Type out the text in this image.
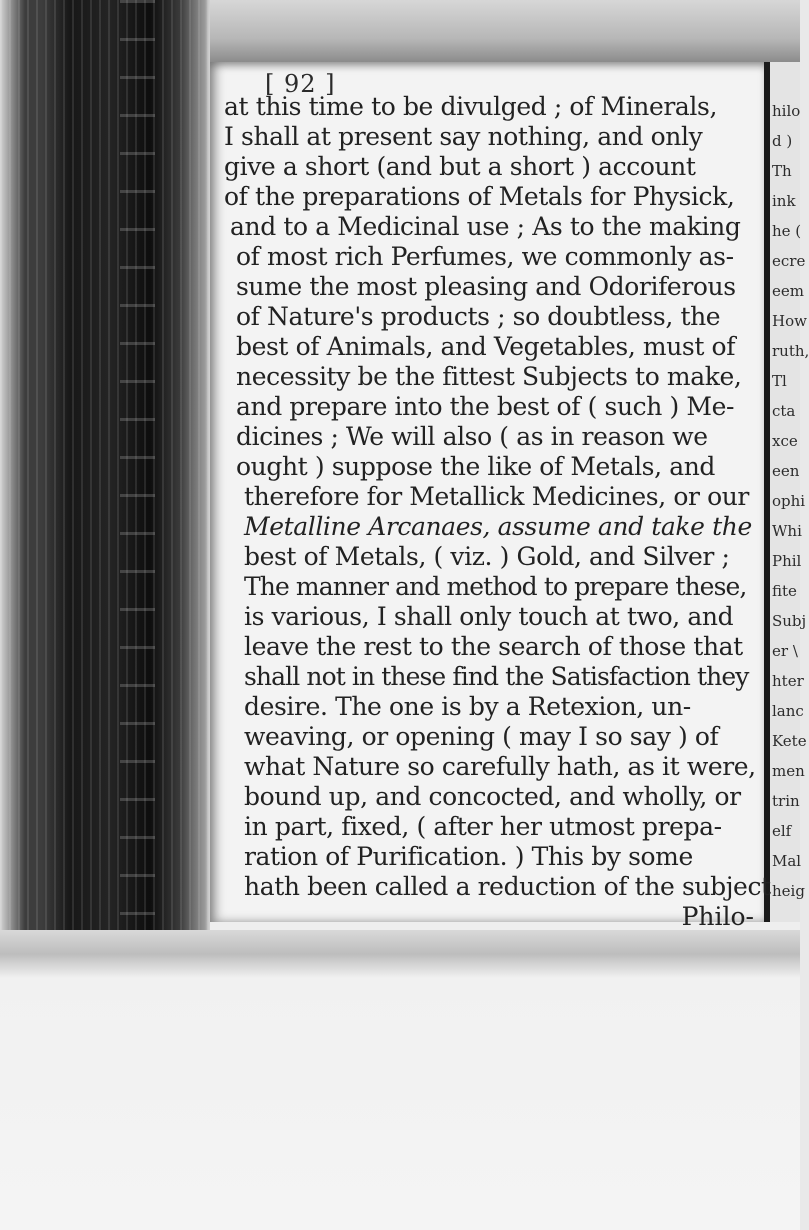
hilo
d )
Th
ink
he (
ecre
eem
How
ruth,
Tl
cta
xce
een
ophi
Whi
Phil
fite
Subj
er \
hter
lanc
Kete
men
trin
elf
Mal
heig
[ 92 ]
at this time to be divulged ; of Minerals,
I shall at present say nothing, and only
give a short (and but a short ) account
of the preparations of Metals for Physick,
and to a Medicinal use ; As to the making
of most rich Perfumes, we commonly as-
sume the most pleasing and Odoriferous
of Nature's products ; so doubtless, the
best of Animals, and Vegetables, must of
necessity be the fittest Subjects to make,
and prepare into the best of ( such ) Me-
dicines ; We will also ( as in reason we
ought ) suppose the like of Metals, and
therefore for Metallick Medicines, or our
Metalline Arcanaes, assume and take the
best of Metals, ( viz. ) Gold, and Silver ;
The manner and method to prepare these,
is various, I shall only touch at two, and
leave the rest to the search of those that
shall not in these find the Satisfaction they
desire. The one is by a Retexion, un-
weaving, or opening ( may I so say ) of
what Nature so carefully hath, as it were,
bound up, and concocted, and wholly, or
in part, fixed, ( after her utmost prepa-
ration of Purification. ) This by some
hath been called a reduction of the subject
Philo-
